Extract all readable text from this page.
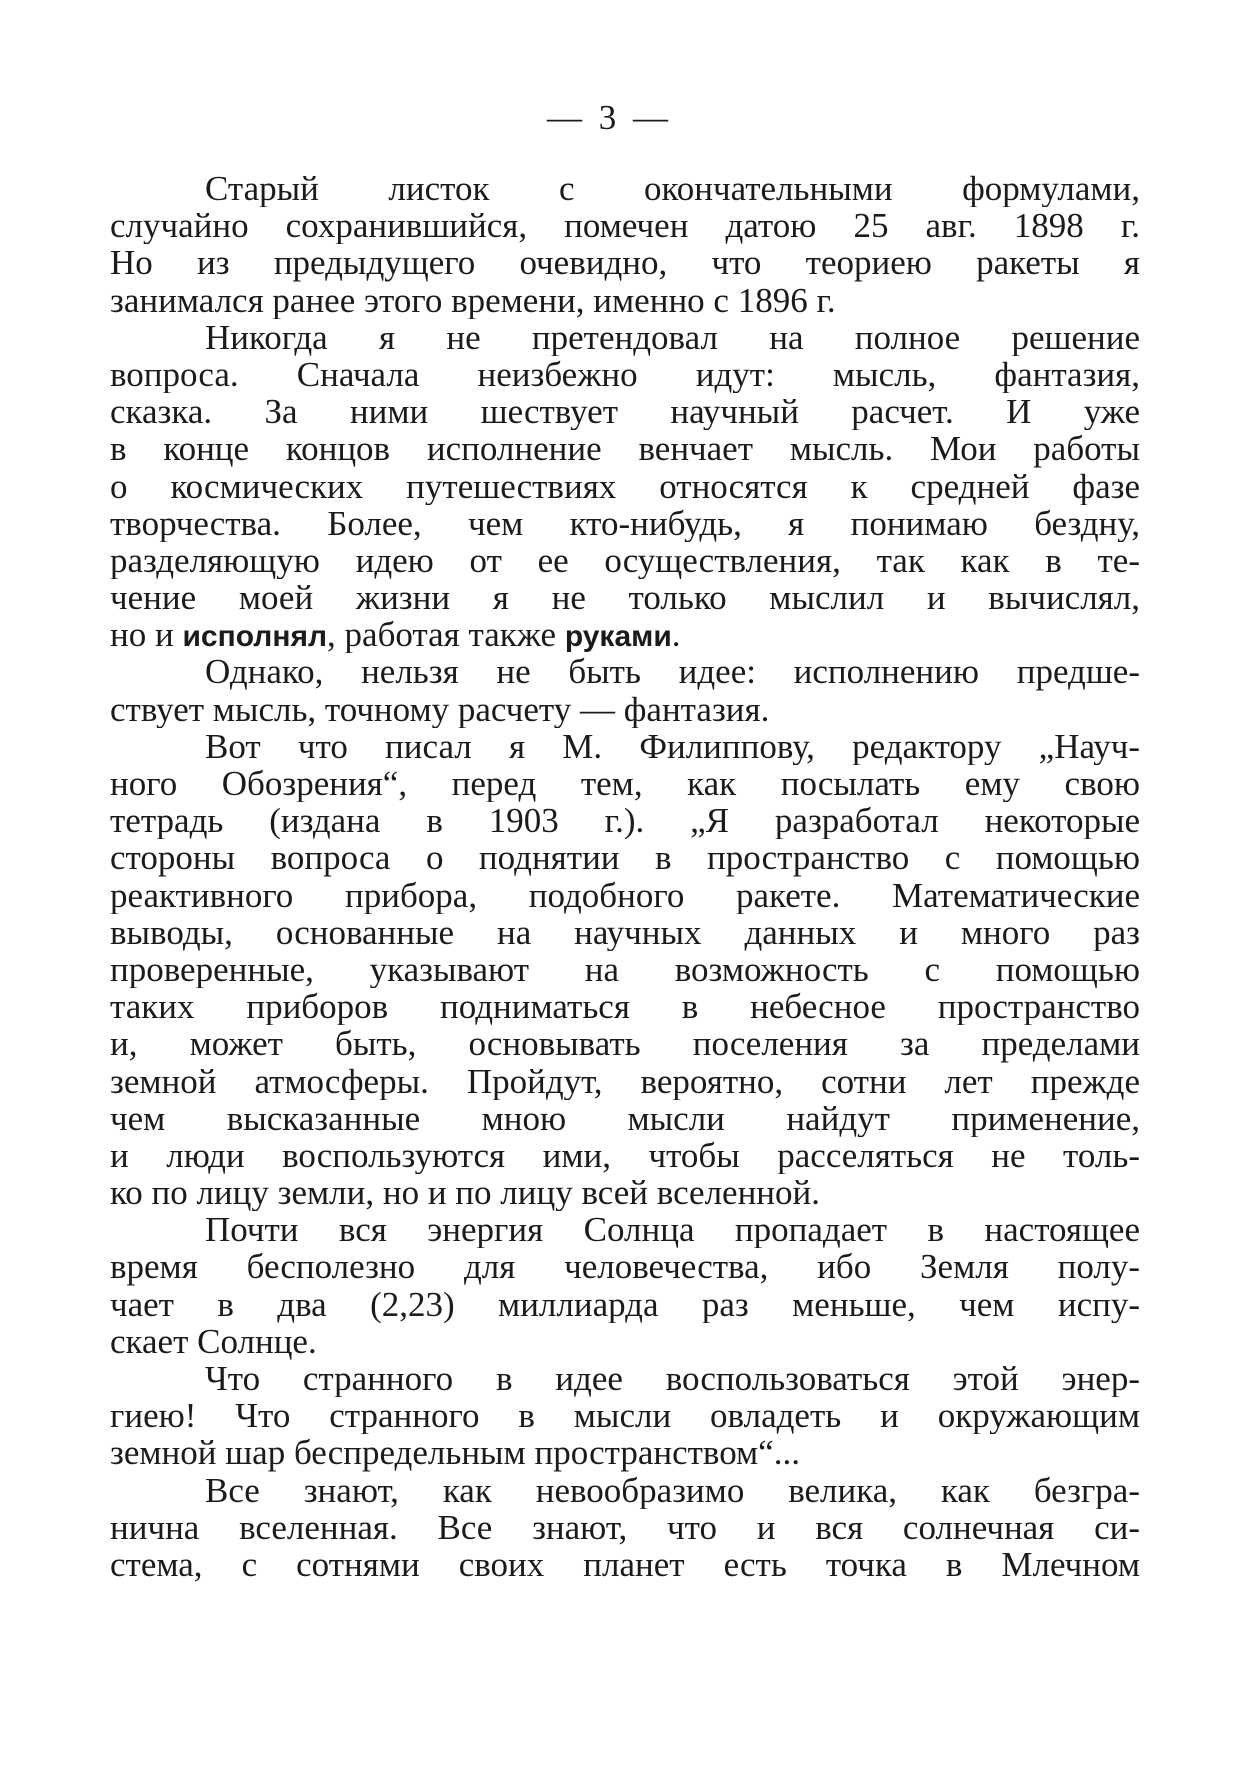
— 3 —
Старый листок с окончательными формулами,
случайно сохранившийся, помечен датою 25 авг. 1898 г.
Но из предыдущего очевидно, что теориею ракеты я
занимался ранее этого времени, именно с 1896 г.
Никогда я не претендовал на полное решение
вопроса. Сначала неизбежно идут: мысль, фантазия,
сказка. За ними шествует научный расчет. И уже
в конце концов исполнение венчает мысль. Мои работы
о космических путешествиях относятся к средней фазе
творчества. Более, чем кто-нибудь, я понимаю бездну,
разделяющую идею от ее осуществления, так как в те-
чение моей жизни я не только мыслил и вычислял,
но и исполнял, работая также руками.
Однако, нельзя не быть идее: исполнению предше-
ствует мысль, точному расчету — фантазия.
Вот что писал я М. Филиппову, редактору „Науч-
ного Обозрения“, перед тем, как посылать ему свою
тетрадь (издана в 1903 г.). „Я разработал некоторые
стороны вопроса о поднятии в пространство с помощью
реактивного прибора, подобного ракете. Математические
выводы, основанные на научных данных и много раз
проверенные, указывают на возможность с помощью
таких приборов подниматься в небесное пространство
и, может быть, основывать поселения за пределами
земной атмосферы. Пройдут, вероятно, сотни лет прежде
чем высказанные мною мысли найдут применение,
и люди воспользуются ими, чтобы расселяться не толь-
ко по лицу земли, но и по лицу всей вселенной.
Почти вся энергия Солнца пропадает в настоящее
время бесполезно для человечества, ибо Земля полу-
чает в два (2,23) миллиарда раз меньше, чем испу-
скает Солнце.
Что странного в идее воспользоваться этой энер-
гиею! Что странного в мысли овладеть и окружающим
земной шар беспредельным пространством“...
Все знают, как невообразимо велика, как безгра-
нична вселенная. Все знают, что и вся солнечная си-
стема, с сотнями своих планет есть точка в Млечном
